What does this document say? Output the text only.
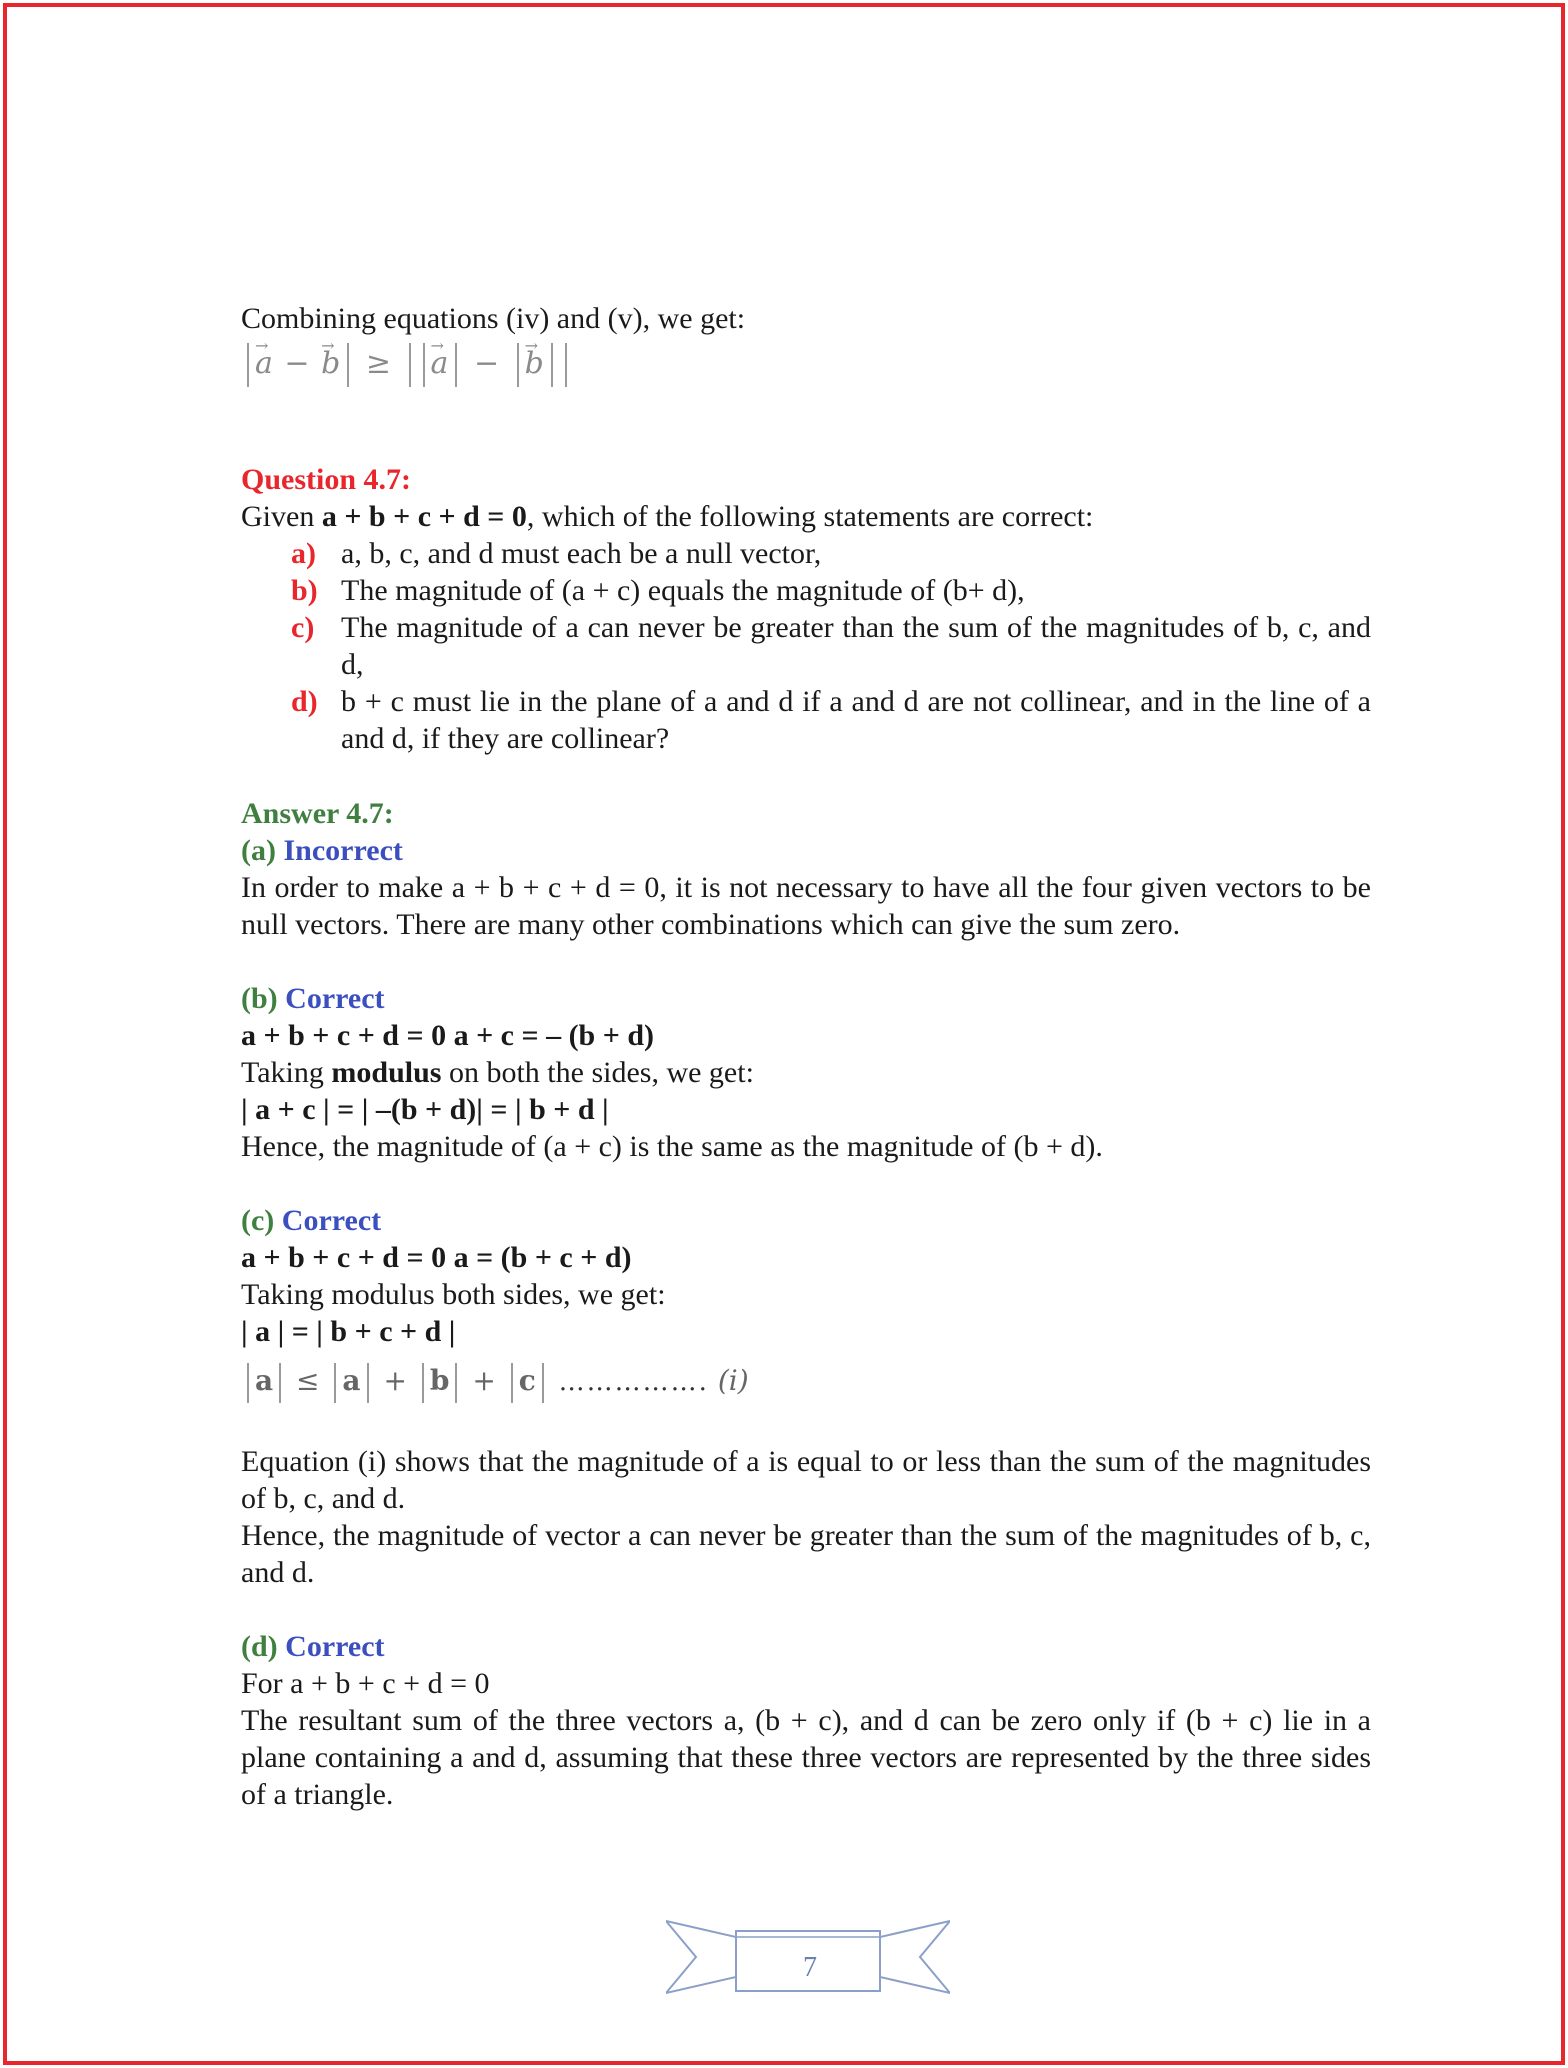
Combining equations (iv) and (v), we get:

→ a − → b ≥ → a − → b

Question 4.7:

Given a + b + c + d = 0, which of the following statements are correct:

a) a, b, c, and d must each be a null vector,
b) The magnitude of (a + c) equals the magnitude of (b+ d),
c) The magnitude of a can never be greater than the sum of the magnitudes of b, c, and d,
d) b + c must lie in the plane of a and d if a and d are not collinear, and in the line of a and d, if they are collinear?

Answer 4.7:

(a) Incorrect

In order to make a + b + c + d = 0, it is not necessary to have all the four given vectors to be null vectors. There are many other combinations which can give the sum zero.

(b) Correct

a + b + c + d = 0 a + c = – (b + d)

Taking modulus on both the sides, we get:

| a + c | = | –(b + d)| = | b + d |

Hence, the magnitude of (a + c) is the same as the magnitude of (b + d).

(c) Correct

a + b + c + d = 0 a = (b + c + d)

Taking modulus both sides, we get:

| a | = | b + c + d |

a ≤ a + b + c ……………. (i)

Equation (i) shows that the magnitude of a is equal to or less than the sum of the magnitudes of b, c, and d.

Hence, the magnitude of vector a can never be greater than the sum of the magnitudes of b, c, and d.

(d) Correct

For a + b + c + d = 0

The resultant sum of the three vectors a, (b + c), and d can be zero only if (b + c) lie in a plane containing a and d, assuming that these three vectors are represented by the three sides of a triangle.

7
